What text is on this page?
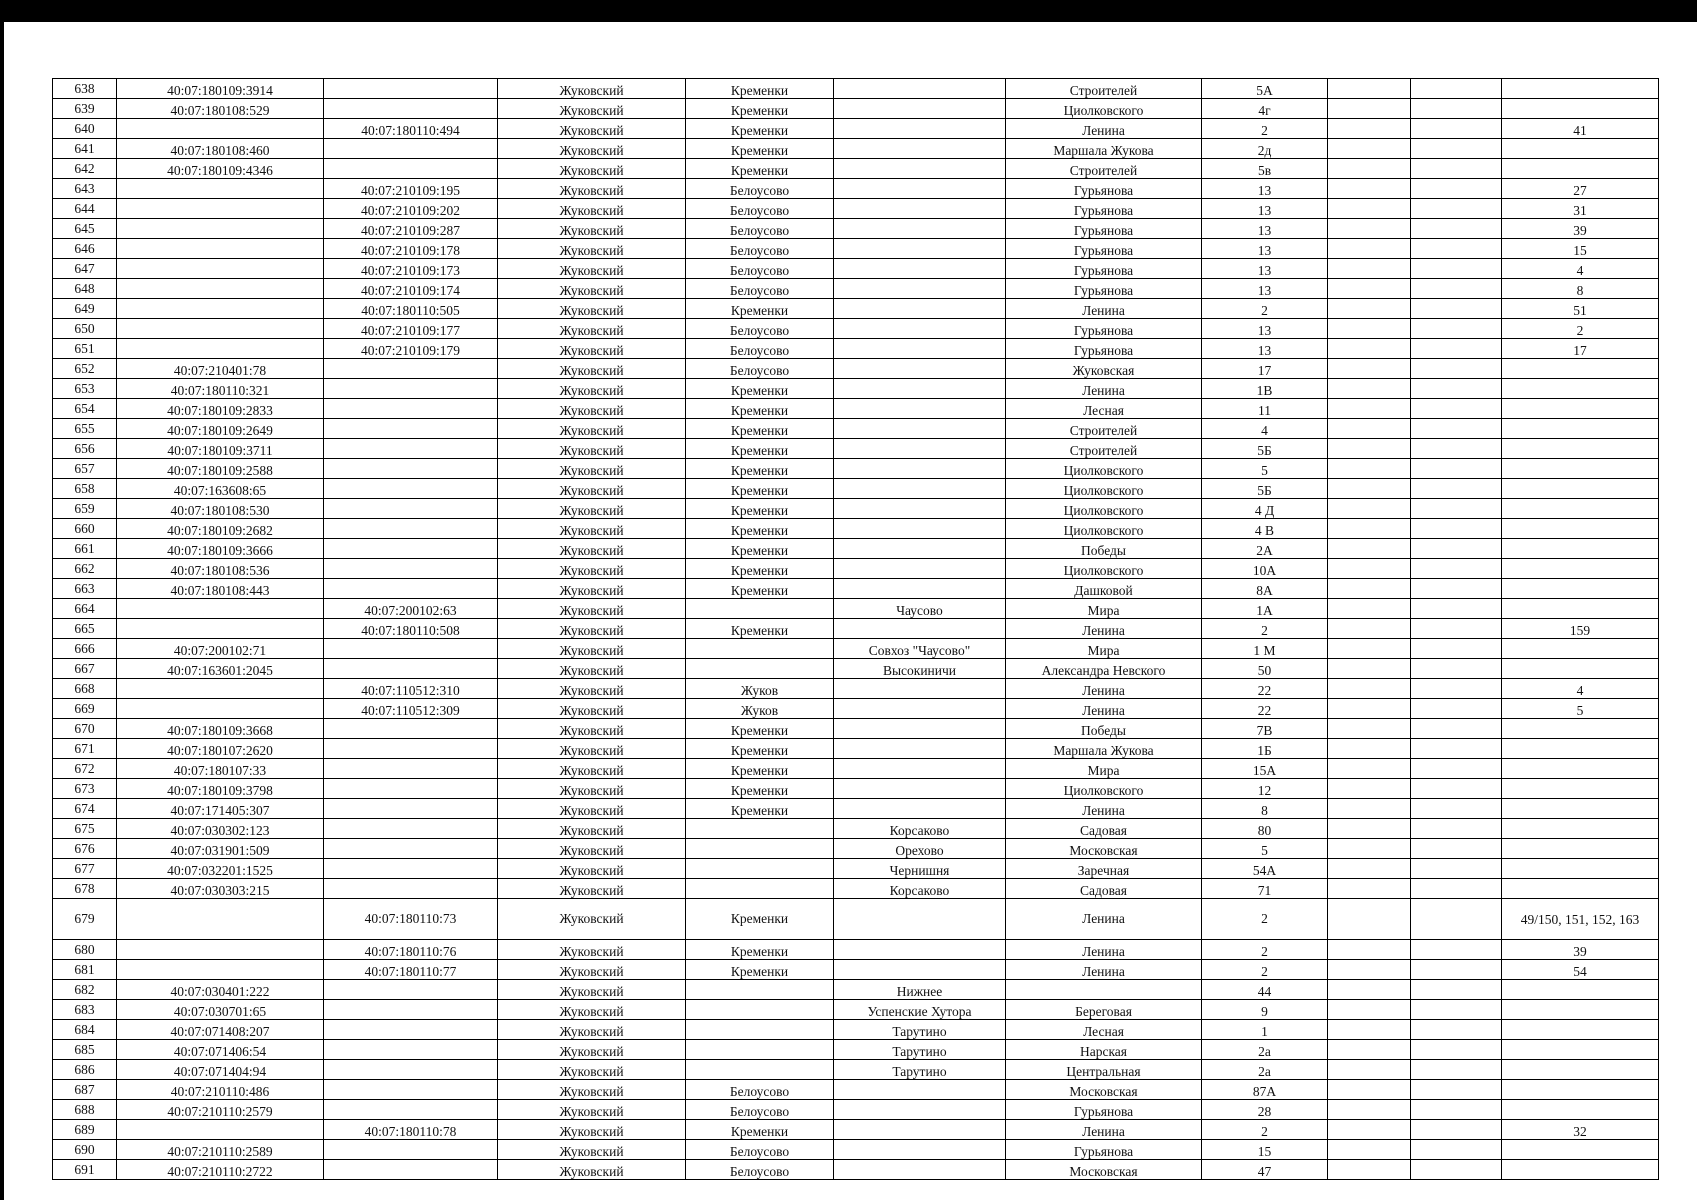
638	40:07:180109:3914		Жуковский	Кременки		Строителей	5А			
639	40:07:180108:529		Жуковский	Кременки		Циолковского	4г			
640		40:07:180110:494	Жуковский	Кременки		Ленина	2			41
641	40:07:180108:460		Жуковский	Кременки		Маршала Жукова	2д			
642	40:07:180109:4346		Жуковский	Кременки		Строителей	5в			
643		40:07:210109:195	Жуковский	Белоусово		Гурьянова	13			27
644		40:07:210109:202	Жуковский	Белоусово		Гурьянова	13			31
645		40:07:210109:287	Жуковский	Белоусово		Гурьянова	13			39
646		40:07:210109:178	Жуковский	Белоусово		Гурьянова	13			15
647		40:07:210109:173	Жуковский	Белоусово		Гурьянова	13			4
648		40:07:210109:174	Жуковский	Белоусово		Гурьянова	13			8
649		40:07:180110:505	Жуковский	Кременки		Ленина	2			51
650		40:07:210109:177	Жуковский	Белоусово		Гурьянова	13			2
651		40:07:210109:179	Жуковский	Белоусово		Гурьянова	13			17
652	40:07:210401:78		Жуковский	Белоусово		Жуковская	17			
653	40:07:180110:321		Жуковский	Кременки		Ленина	1В			
654	40:07:180109:2833		Жуковский	Кременки		Лесная	11			
655	40:07:180109:2649		Жуковский	Кременки		Строителей	4			
656	40:07:180109:3711		Жуковский	Кременки		Строителей	5Б			
657	40:07:180109:2588		Жуковский	Кременки		Циолковского	5			
658	40:07:163608:65		Жуковский	Кременки		Циолковского	5Б			
659	40:07:180108:530		Жуковский	Кременки		Циолковского	4 Д			
660	40:07:180109:2682		Жуковский	Кременки		Циолковского	4 В			
661	40:07:180109:3666		Жуковский	Кременки		Победы	2А			
662	40:07:180108:536		Жуковский	Кременки		Циолковского	10А			
663	40:07:180108:443		Жуковский	Кременки		Дашковой	8А			
664		40:07:200102:63	Жуковский		Чаусово	Мира	1А			
665		40:07:180110:508	Жуковский	Кременки		Ленина	2			159
666	40:07:200102:71		Жуковский		Совхоз "Чаусово"	Мира	1 М			
667	40:07:163601:2045		Жуковский		Высокиничи	Александра Невского	50			
668		40:07:110512:310	Жуковский	Жуков		Ленина	22			4
669		40:07:110512:309	Жуковский	Жуков		Ленина	22			5
670	40:07:180109:3668		Жуковский	Кременки		Победы	7В			
671	40:07:180107:2620		Жуковский	Кременки		Маршала Жукова	1Б			
672	40:07:180107:33		Жуковский	Кременки		Мира	15А			
673	40:07:180109:3798		Жуковский	Кременки		Циолковского	12			
674	40:07:171405:307		Жуковский	Кременки		Ленина	8			
675	40:07:030302:123		Жуковский		Корсаково	Садовая	80			
676	40:07:031901:509		Жуковский		Орехово	Московская	5			
677	40:07:032201:1525		Жуковский		Чернишня	Заречная	54А			
678	40:07:030303:215		Жуковский		Корсаково	Садовая	71			
679		40:07:180110:73	Жуковский	Кременки		Ленина	2			49/150, 151, 152, 163
680		40:07:180110:76	Жуковский	Кременки		Ленина	2			39
681		40:07:180110:77	Жуковский	Кременки		Ленина	2			54
682	40:07:030401:222		Жуковский		Нижнее		44			
683	40:07:030701:65		Жуковский		Успенские Хутора	Береговая	9			
684	40:07:071408:207		Жуковский		Тарутино	Лесная	1			
685	40:07:071406:54		Жуковский		Тарутино	Нарская	2а			
686	40:07:071404:94		Жуковский		Тарутино	Центральная	2а			
687	40:07:210110:486		Жуковский	Белоусово		Московская	87А			
688	40:07:210110:2579		Жуковский	Белоусово		Гурьянова	28			
689		40:07:180110:78	Жуковский	Кременки		Ленина	2			32
690	40:07:210110:2589		Жуковский	Белоусово		Гурьянова	15			
691	40:07:210110:2722		Жуковский	Белоусово		Московская	47			
